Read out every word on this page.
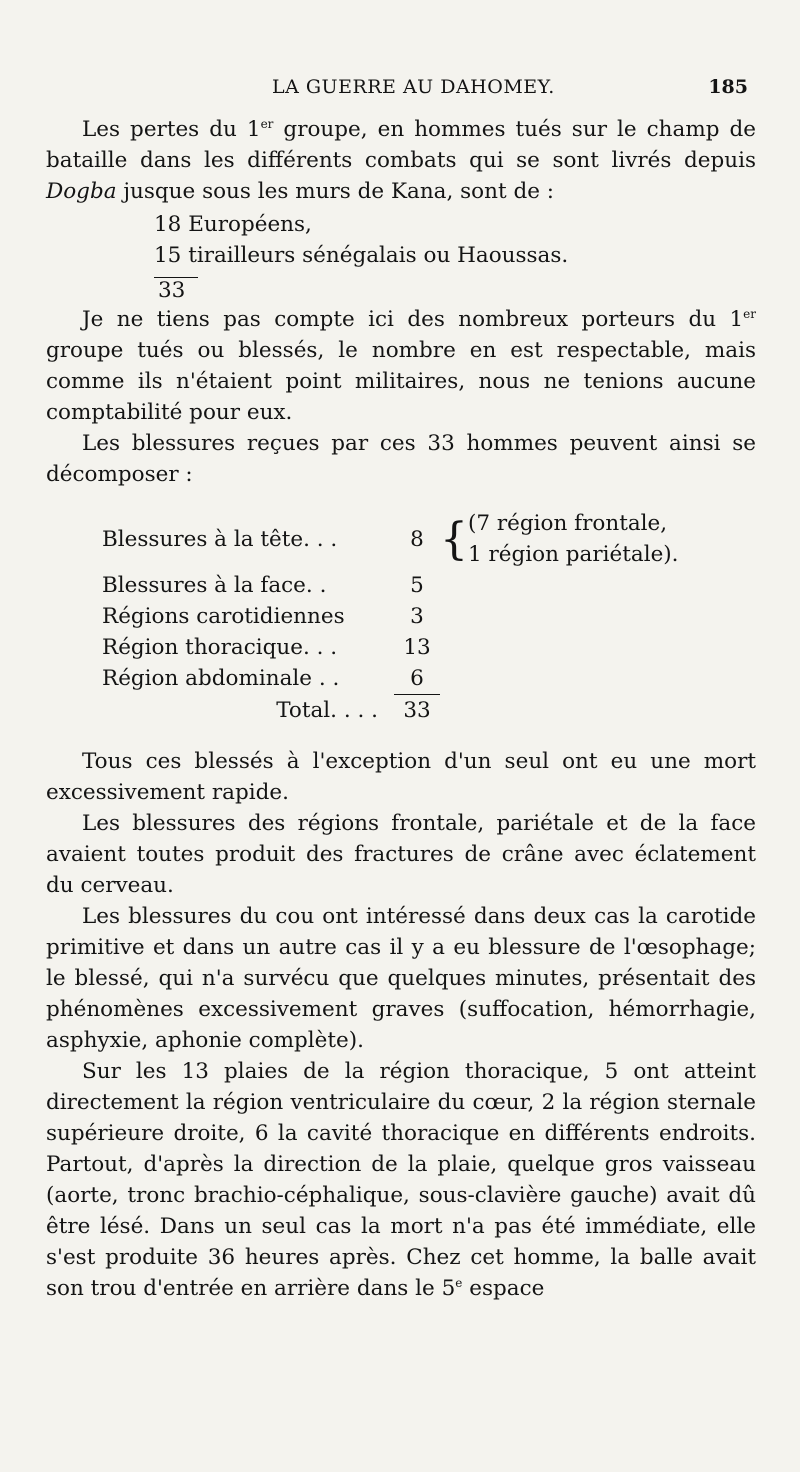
LA GUERRE AU DAHOMEY.	185

Les pertes du 1er groupe, en hommes tués sur le champ de bataille dans les différents combats qui se sont livrés depuis Dogba jusque sous les murs de Kana, sont de :

18 Européens,
15 tirailleurs sénégalais ou Haoussas.
33

Je ne tiens pas compte ici des nombreux porteurs du 1er groupe tués ou blessés, le nombre en est respectable, mais comme ils n'étaient point militaires, nous ne tenions aucune comptabilité pour eux.

Les blessures reçues par ces 33 hommes peuvent ainsi se décomposer :

Blessures à la tête. . .	8	{	(7 région frontale,
			1 région pariétale).
Blessures à la face. .	5		
Régions carotidiennes	3		
Région thoracique. . .	13		
Région abdominale . .	6		
Total. . . .	33		

Tous ces blessés à l'exception d'un seul ont eu une mort excessivement rapide.

Les blessures des régions frontale, pariétale et de la face avaient toutes produit des fractures de crâne avec éclatement du cerveau.

Les blessures du cou ont intéressé dans deux cas la carotide primitive et dans un autre cas il y a eu blessure de l'œsophage; le blessé, qui n'a survécu que quelques minutes, présentait des phénomènes excessivement graves (suffocation, hémorrhagie, asphyxie, aphonie complète).

Sur les 13 plaies de la région thoracique, 5 ont atteint directement la région ventriculaire du cœur, 2 la région sternale supérieure droite, 6 la cavité thoracique en différents endroits. Partout, d'après la direction de la plaie, quelque gros vaisseau (aorte, tronc brachio-céphalique, sous-clavière gauche) avait dû être lésé. Dans un seul cas la mort n'a pas été immédiate, elle s'est produite 36 heures après. Chez cet homme, la balle avait son trou d'entrée en arrière dans le 5e espace
